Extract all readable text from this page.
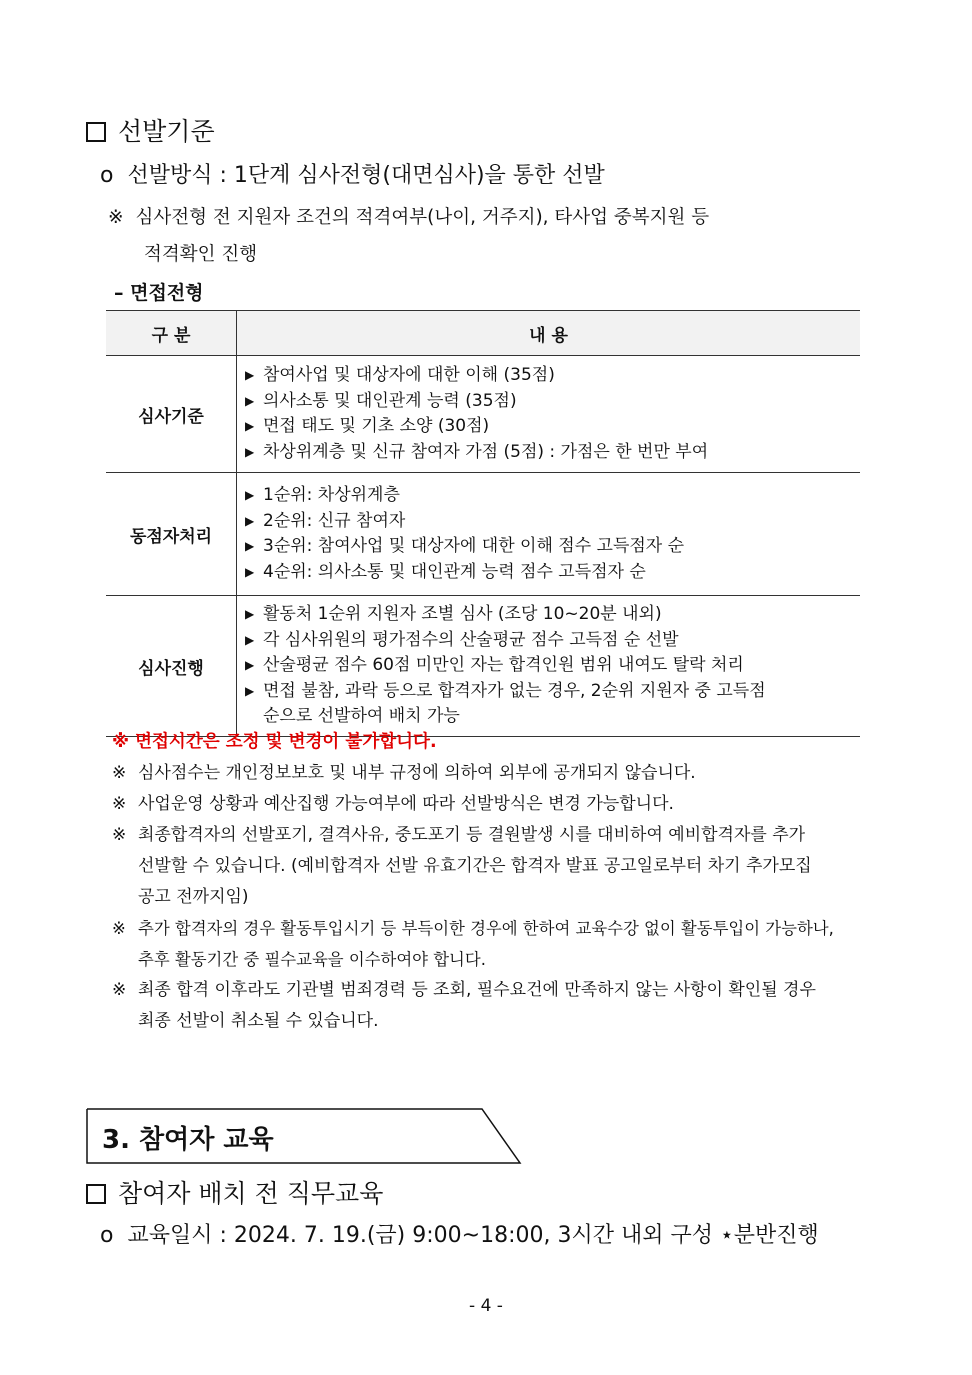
선발기준
o 선발방식 : 1단계 심사전형(대면심사)을 통한 선발
※ 심사전형 전 지원자 조건의 적격여부(나이, 거주지), 타사업 중복지원 등
적격확인 진행
– 면접전형
구 분	내 용
심사기준	▶ 참여사업 및 대상자에 대한 이해 (35점)
▶ 의사소통 및 대인관계 능력 (35점)
▶ 면접 태도 및 기초 소양 (30점)
▶ 차상위계층 및 신규 참여자 가점 (5점) : 가점은 한 번만 부여

동점자처리	▶ 1순위: 차상위계층
▶ 2순위: 신규 참여자
▶ 3순위: 참여사업 및 대상자에 대한 이해 점수 고득점자 순
▶ 4순위: 의사소통 및 대인관계 능력 점수 고득점자 순

심사진행	▶ 활동처 1순위 지원자 조별 심사 (조당 10~20분 내외)
▶ 각 심사위원의 평가점수의 산술평균 점수 고득점 순 선발
▶ 산술평균 점수 60점 미만인 자는 합격인원 범위 내여도 탈락 처리
▶ 면접 불참, 과락 등으로 합격자가 없는 경우, 2순위 지원자 중 고득점
순으로 선발하여 배치 가능
※ 면접시간은 조정 및 변경이 불가합니다.
※ 심사점수는 개인정보보호 및 내부 규정에 의하여 외부에 공개되지 않습니다.
※ 사업운영 상황과 예산집행 가능여부에 따라 선발방식은 변경 가능합니다.
※ 최종합격자의 선발포기, 결격사유, 중도포기 등 결원발생 시를 대비하여 예비합격자를 추가
선발할 수 있습니다. (예비합격자 선발 유효기간은 합격자 발표 공고일로부터 차기 추가모집
공고 전까지임)
※ 추가 합격자의 경우 활동투입시기 등 부득이한 경우에 한하여 교육수강 없이 활동투입이 가능하나,
추후 활동기간 중 필수교육을 이수하여야 합니다.
※ 최종 합격 이후라도 기관별 범죄경력 등 조회, 필수요건에 만족하지 않는 사항이 확인될 경우
최종 선발이 취소될 수 있습니다.
3. 참여자 교육
참여자 배치 전 직무교육
o 교육일시 : 2024. 7. 19.(금) 9:00~18:00, 3시간 내외 구성 ⋆분반진행
- 4 -
